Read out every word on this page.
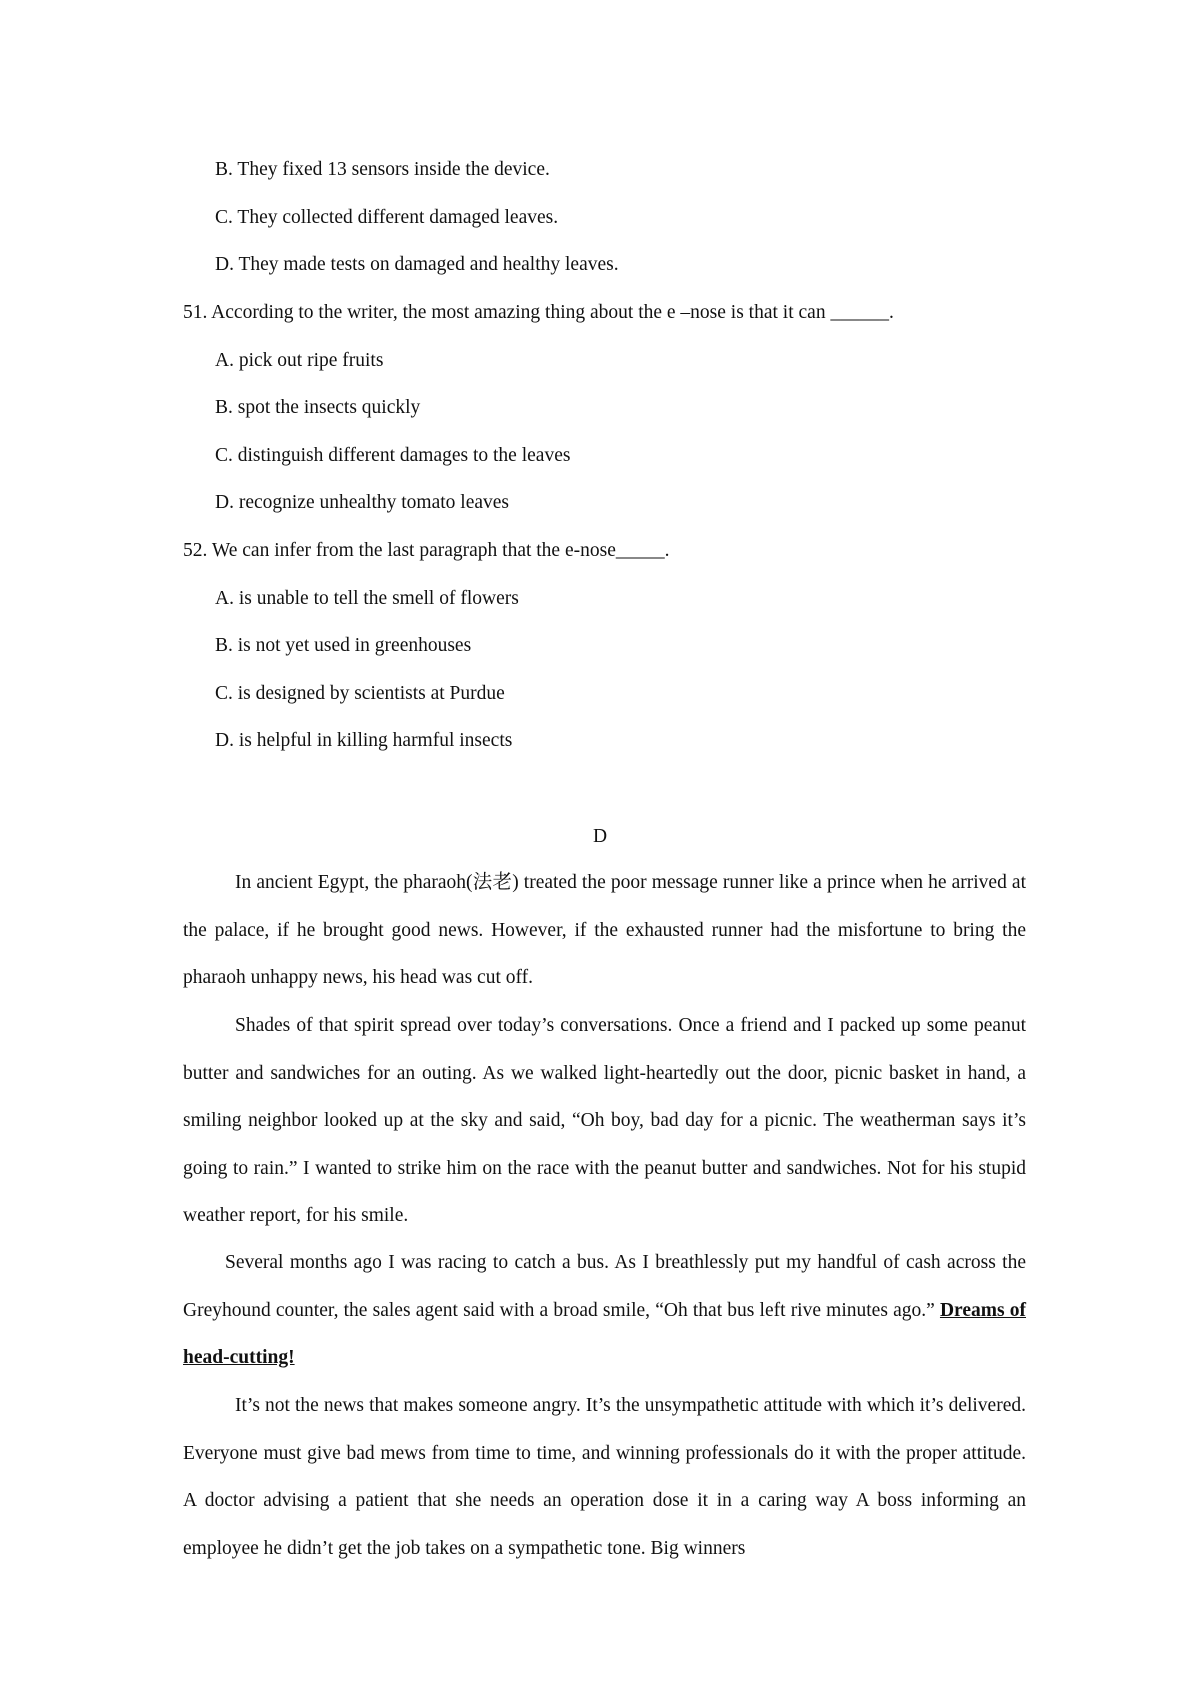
B. They fixed 13 sensors inside the device.
C. They collected different damaged leaves.
D. They made tests on damaged and healthy leaves.
51. According to the writer, the most amazing thing about the e –nose is that it can ______.
A. pick out ripe fruits
B. spot the insects quickly
C. distinguish different damages to the leaves
D. recognize unhealthy tomato leaves
52. We can infer from the last paragraph that the e-nose_____.
A. is unable to tell the smell of flowers
B. is not yet used in greenhouses
C. is designed by scientists at Purdue
D. is helpful in killing harmful insects
D
In ancient Egypt, the pharaoh(法老) treated the poor message runner like a prince when he arrived at the palace, if he brought good news. However, if the exhausted runner had the misfortune to bring the pharaoh unhappy news, his head was cut off.
Shades of that spirit spread over today’s conversations. Once a friend and I packed up some peanut butter and sandwiches for an outing. As we walked light-heartedly out the door, picnic basket in hand, a smiling neighbor looked up at the sky and said, “Oh boy, bad day for a picnic. The weatherman says it’s going to rain.” I wanted to strike him on the race with the peanut butter and sandwiches. Not for his stupid weather report, for his smile.
Several months ago I was racing to catch a bus. As I breathlessly put my handful of cash across the Greyhound counter, the sales agent said with a broad smile, “Oh that bus left rive minutes ago.” Dreams of head-cutting!
It’s not the news that makes someone angry. It’s the unsympathetic attitude with which it’s delivered. Everyone must give bad mews from time to time, and winning professionals do it with the proper attitude. A doctor advising a patient that she needs an operation dose it in a caring way A boss informing an employee he didn’t get the job takes on a sympathetic tone. Big winners
